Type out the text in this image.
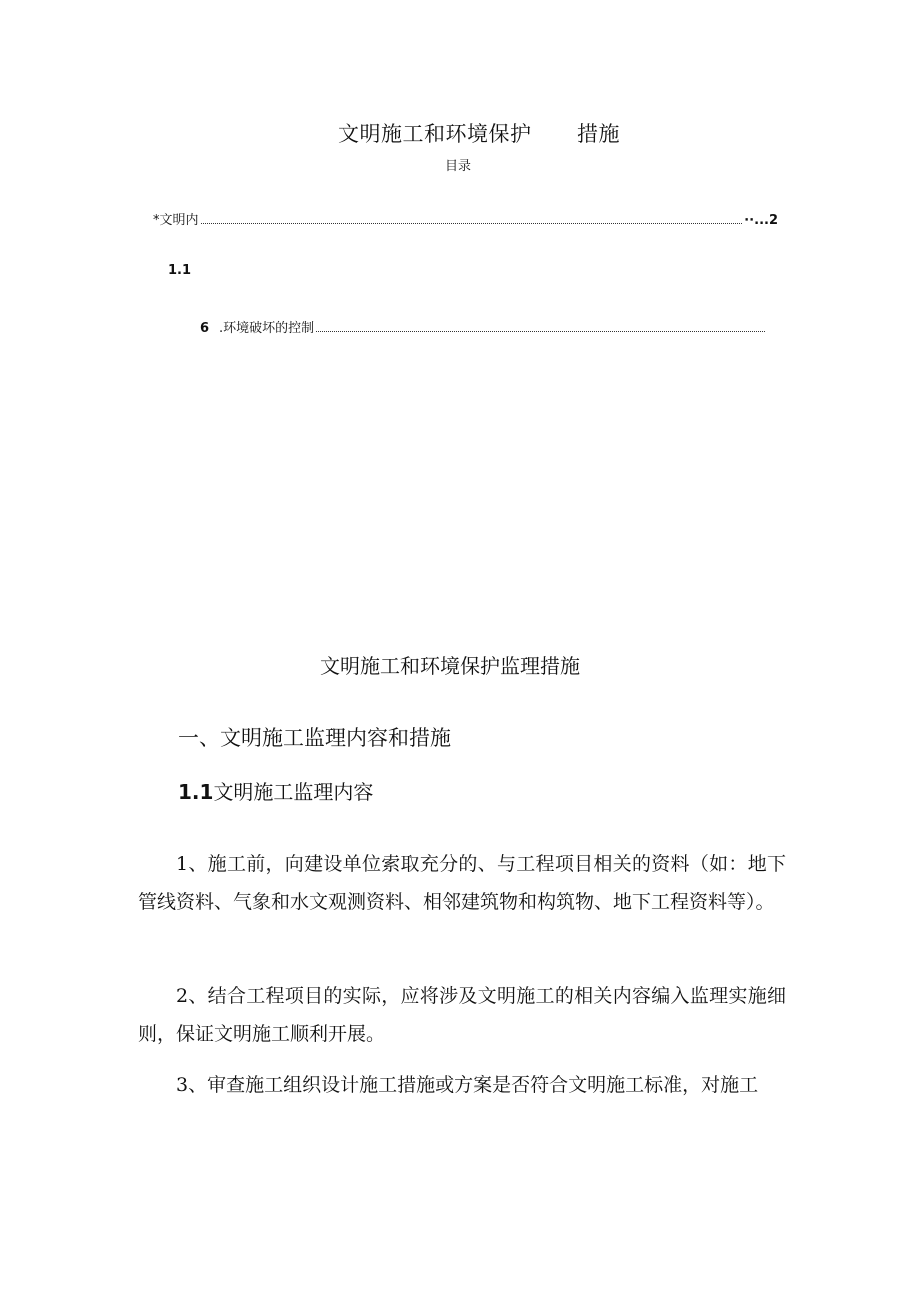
文明施工和环境保护 措施
目录
*文明内	∙∙...2
1.1
6 .环境破坏的控制
文明施工和环境保护监理措施
一、文明施工监理内容和措施
1.1文明施工监理内容

1、施工前，向建设单位索取充分的、与工程项目相关的资料（如：地下管线资料、气象和水文观测资料、相邻建筑物和构筑物、地下工程资料等）。

2、结合工程项目的实际，应将涉及文明施工的相关内容编入监理实施细则，保证文明施工顺利开展。

3、审查施工组织设计施工措施或方案是否符合文明施工标准，对施工
